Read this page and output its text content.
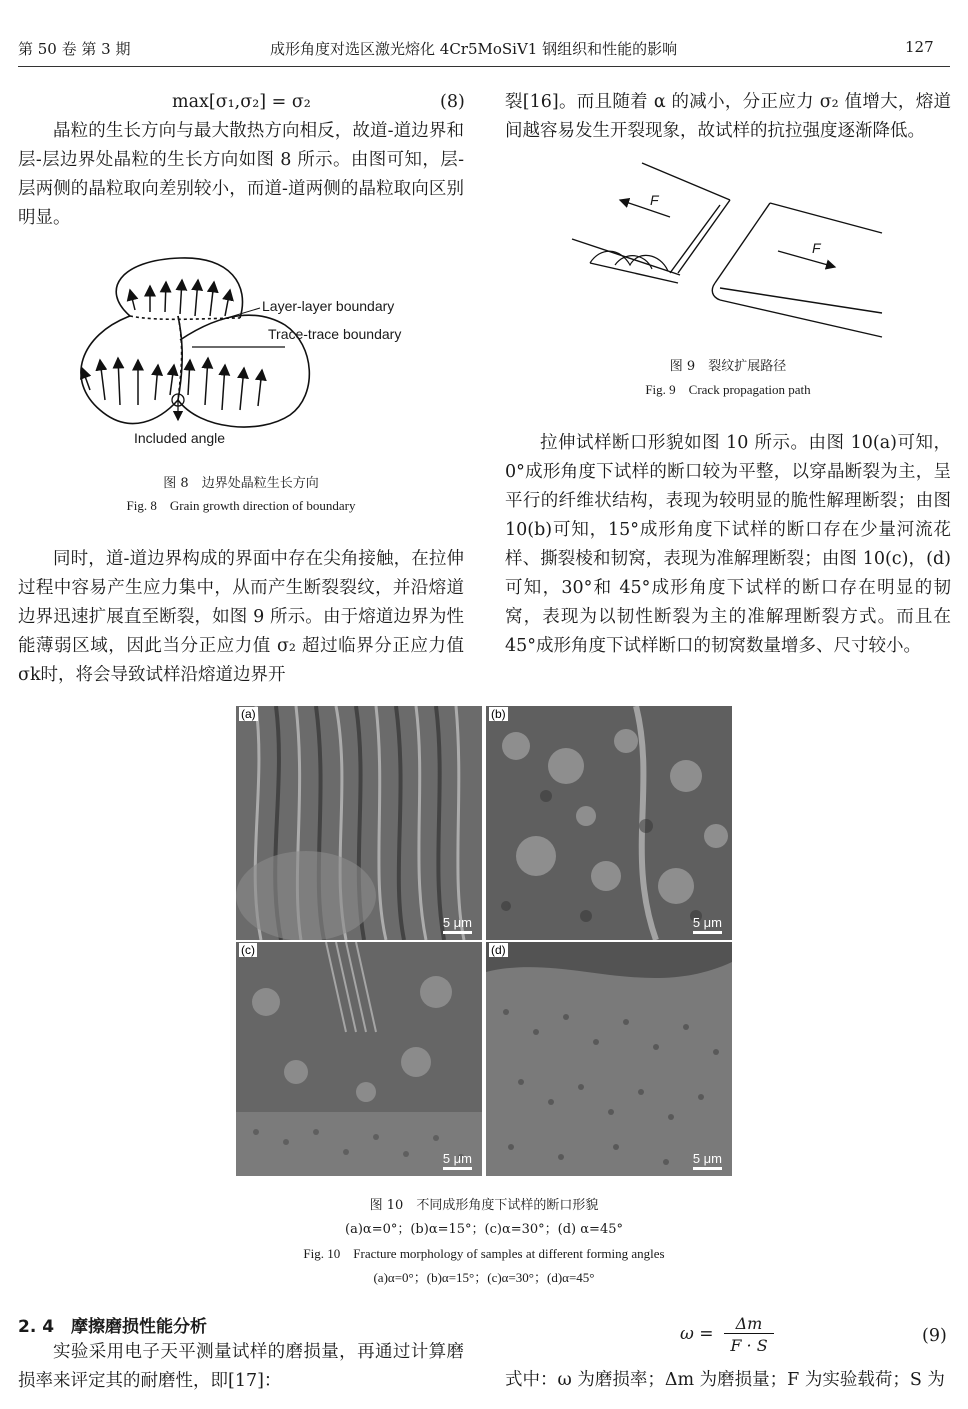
第 50 卷 第 3 期	成形角度对选区激光熔化 4Cr5MoSiV1 钢组织和性能的影响	127
max[σ₁,σ₂] = σ₂	(8)
晶粒的生长方向与最大散热方向相反，故道-道边界和层-层边界处晶粒的生长方向如图 8 所示。由图可知，层-层两侧的晶粒取向差别较小，而道-道两侧的晶粒取向区别明显。
Layer-layer boundary
Trace-trace boundary
Included angle
图 8　边界处晶粒生长方向
Fig. 8　Grain growth direction of boundary
同时，道-道边界构成的界面中存在尖角接触，在拉伸过程中容易产生应力集中，从而产生断裂裂纹，并沿熔道边界迅速扩展直至断裂，如图 9 所示。由于熔道边界为性能薄弱区域，因此当分正应力值 σ₂ 超过临界分正应力值σk时，将会导致试样沿熔道边界开
裂[16]。而且随着 α 的减小，分正应力 σ₂ 值增大，熔道间越容易发生开裂现象，故试样的抗拉强度逐渐降低。
F
F
图 9　裂纹扩展路径
Fig. 9　Crack propagation path
拉伸试样断口形貌如图 10 所示。由图 10(a)可知，0°成形角度下试样的断口较为平整，以穿晶断裂为主，呈平行的纤维状结构，表现为较明显的脆性解理断裂；由图 10(b)可知，15°成形角度下试样的断口存在少量河流花样、撕裂棱和韧窝，表现为准解理断裂；由图 10(c)，(d)可知，30°和 45°成形角度下试样的断口存在明显的韧窝，表现为以韧性断裂为主的准解理断裂方式。而且在 45°成形角度下试样断口的韧窝数量增多、尺寸较小。
(a)
5 μm
(b)
5 μm
(c)
5 μm
(d)
5 μm
图 10　不同成形角度下试样的断口形貌
(a)α=0°；(b)α=15°；(c)α=30°；(d) α=45°
Fig. 10　Fracture morphology of samples at different forming angles
(a)α=0°；(b)α=15°；(c)α=30°；(d)α=45°
2. 4　摩擦磨损性能分析
实验采用电子天平测量试样的磨损量，再通过计算磨损率来评定其的耐磨性，即[17]：
ω =
Δm
F · S	(9)
式中：ω 为磨损率；Δm 为磨损量；F 为实验载荷；S 为
